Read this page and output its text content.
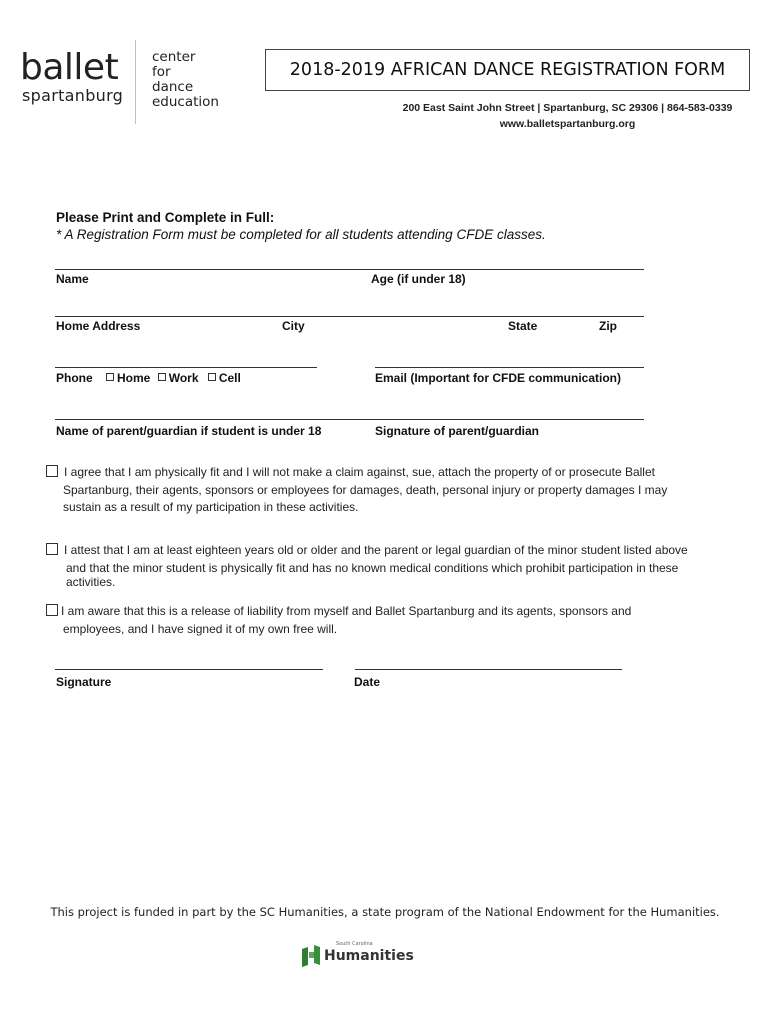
ballet
spartanburg
center
for
dance
education
2018-2019 AFRICAN DANCE REGISTRATION FORM
200 East Saint John Street | Spartanburg, SC 29306 | 864-583-0339
www.balletspartanburg.org
Please Print and Complete in Full:
* A Registration Form must be completed for all students attending CFDE classes.
Name	Age (if under 18)
Home Address	City	State	Zip
Phone Home Work Cell	Email (Important for CFDE communication)
Name of parent/guardian if student is under 18	Signature of parent/guardian
I agree that I am physically fit and I will not make a claim against, sue, attach the property of or prosecute Ballet
Spartanburg, their agents, sponsors or employees for damages, death, personal injury or property damages I may
sustain as a result of my participation in these activities.
I attest that I am at least eighteen years old or older and the parent or legal guardian of the minor student listed above
and that the minor student is physically fit and has no known medical conditions which prohibit participation in these
activities.
I am aware that this is a release of liability from myself and Ballet Spartanburg and its agents, sponsors and
employees, and I have signed it of my own free will.
Signature	Date
This project is funded in part by the SC Humanities, a state program of the National Endowment for the Humanities.
South Carolina
Humanities
